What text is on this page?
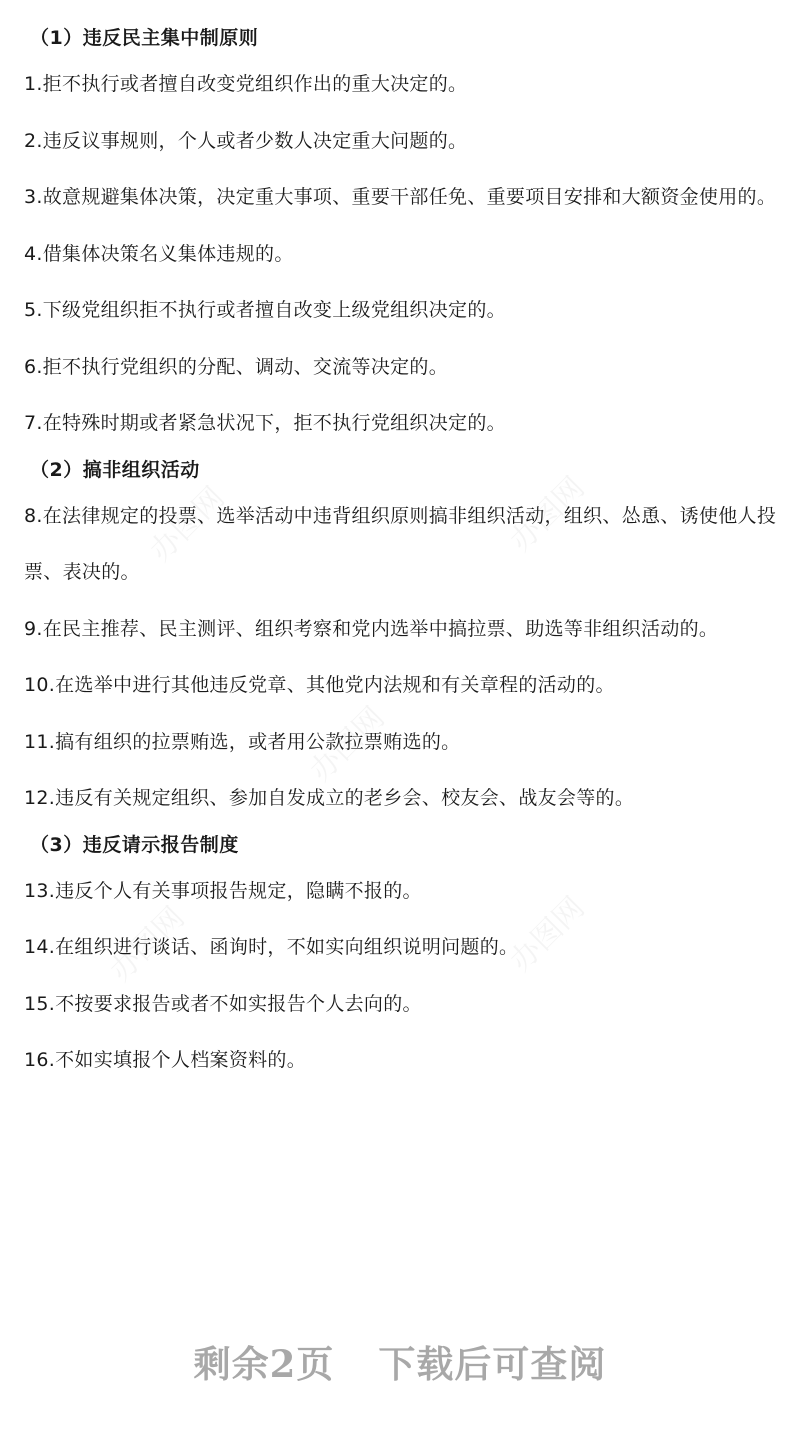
（1）违反民主集中制原则

1.拒不执行或者擅自改变党组织作出的重大决定的。

2.违反议事规则，个人或者少数人决定重大问题的。

3.故意规避集体决策，决定重大事项、重要干部任免、重要项目安排和大额资金使用的。

4.借集体决策名义集体违规的。

5.下级党组织拒不执行或者擅自改变上级党组织决定的。

6.拒不执行党组织的分配、调动、交流等决定的。

7.在特殊时期或者紧急状况下，拒不执行党组织决定的。

（2）搞非组织活动

8.在法律规定的投票、选举活动中违背组织原则搞非组织活动，组织、怂恿、诱使他人投票、表决的。

9.在民主推荐、民主测评、组织考察和党内选举中搞拉票、助选等非组织活动的。

10.在选举中进行其他违反党章、其他党内法规和有关章程的活动的。

11.搞有组织的拉票贿选，或者用公款拉票贿选的。

12.违反有关规定组织、参加自发成立的老乡会、校友会、战友会等的。

（3）违反请示报告制度

13.违反个人有关事项报告规定，隐瞒不报的。

14.在组织进行谈话、函询时，不如实向组织说明问题的。

15.不按要求报告或者不如实报告个人去向的。

16.不如实填报个人档案资料的。

剩余2页 下载后可查阅
